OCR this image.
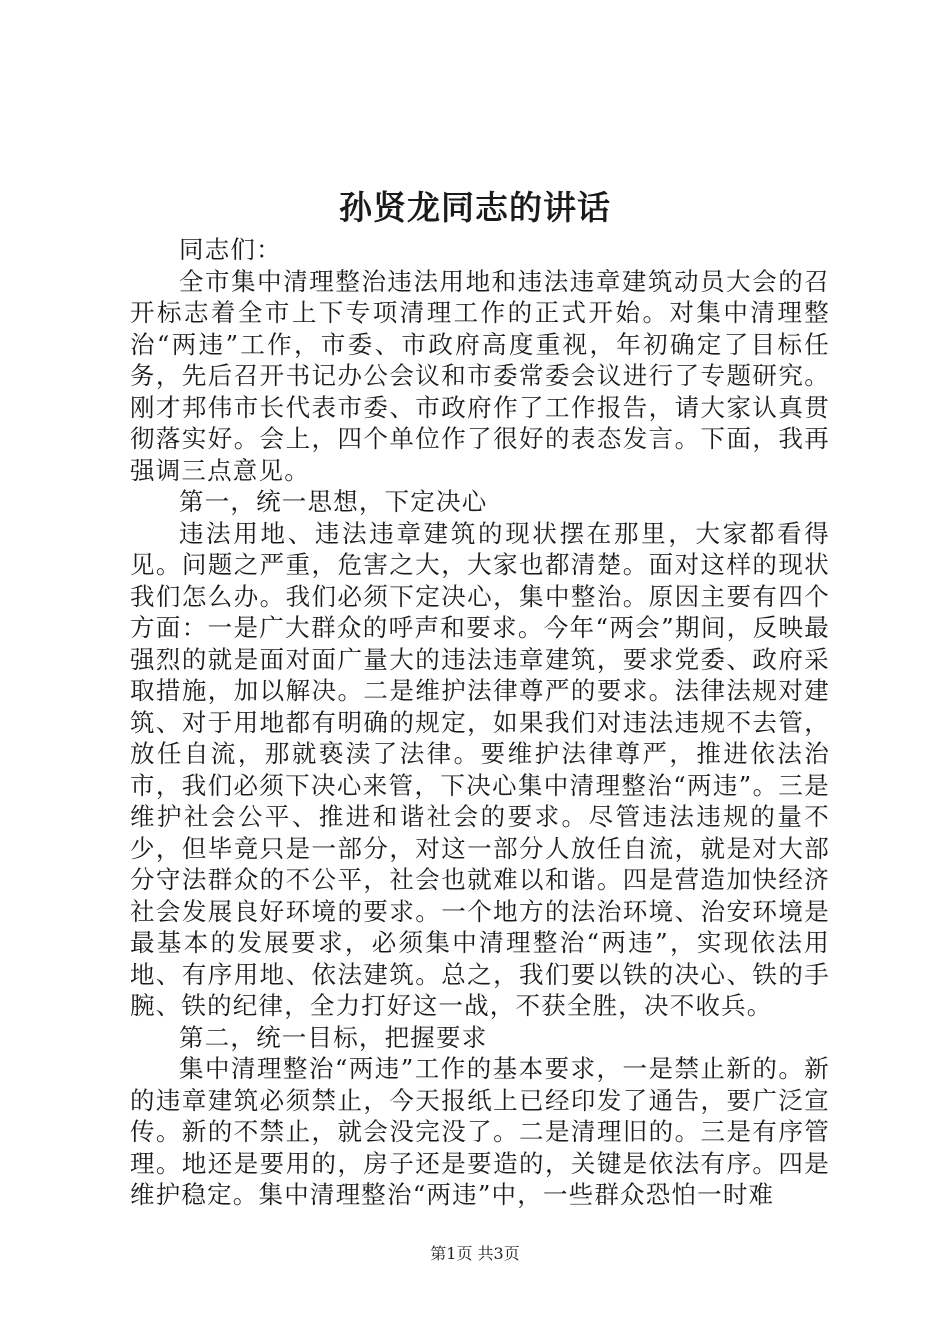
孙贤龙同志的讲话

同志们：

全市集中清理整治违法用地和违法违章建筑动员大会的召开标志着全市上下专项清理工作的正式开始。对集中清理整治“两违”工作，市委、市政府高度重视，年初确定了目标任务，先后召开书记办公会议和市委常委会议进行了专题研究。刚才邦伟市长代表市委、市政府作了工作报告，请大家认真贯彻落实好。会上，四个单位作了很好的表态发言。下面，我再强调三点意见。

第一，统一思想，下定决心

违法用地、违法违章建筑的现状摆在那里，大家都看得见。问题之严重，危害之大，大家也都清楚。面对这样的现状我们怎么办。我们必须下定决心，集中整治。原因主要有四个方面：一是广大群众的呼声和要求。今年“两会”期间，反映最强烈的就是面对面广量大的违法违章建筑，要求党委、政府采取措施，加以解决。二是维护法律尊严的要求。法律法规对建筑、对于用地都有明确的规定，如果我们对违法违规不去管，放任自流，那就亵渎了法律。要维护法律尊严，推进依法治市，我们必须下决心来管，下决心集中清理整治“两违”。三是维护社会公平、推进和谐社会的要求。尽管违法违规的量不少，但毕竟只是一部分，对这一部分人放任自流，就是对大部分守法群众的不公平，社会也就难以和谐。四是营造加快经济社会发展良好环境的要求。一个地方的法治环境、治安环境是最基本的发展要求，必须集中清理整治“两违”，实现依法用地、有序用地、依法建筑。总之，我们要以铁的决心、铁的手腕、铁的纪律，全力打好这一战，不获全胜，决不收兵。

第二，统一目标，把握要求

集中清理整治“两违”工作的基本要求，一是禁止新的。新的违章建筑必须禁止，今天报纸上已经印发了通告，要广泛宣传。新的不禁止，就会没完没了。二是清理旧的。三是有序管理。地还是要用的，房子还是要造的，关键是依法有序。四是维护稳定。集中清理整治“两违”中，一些群众恐怕一时难

第1页 共3页
